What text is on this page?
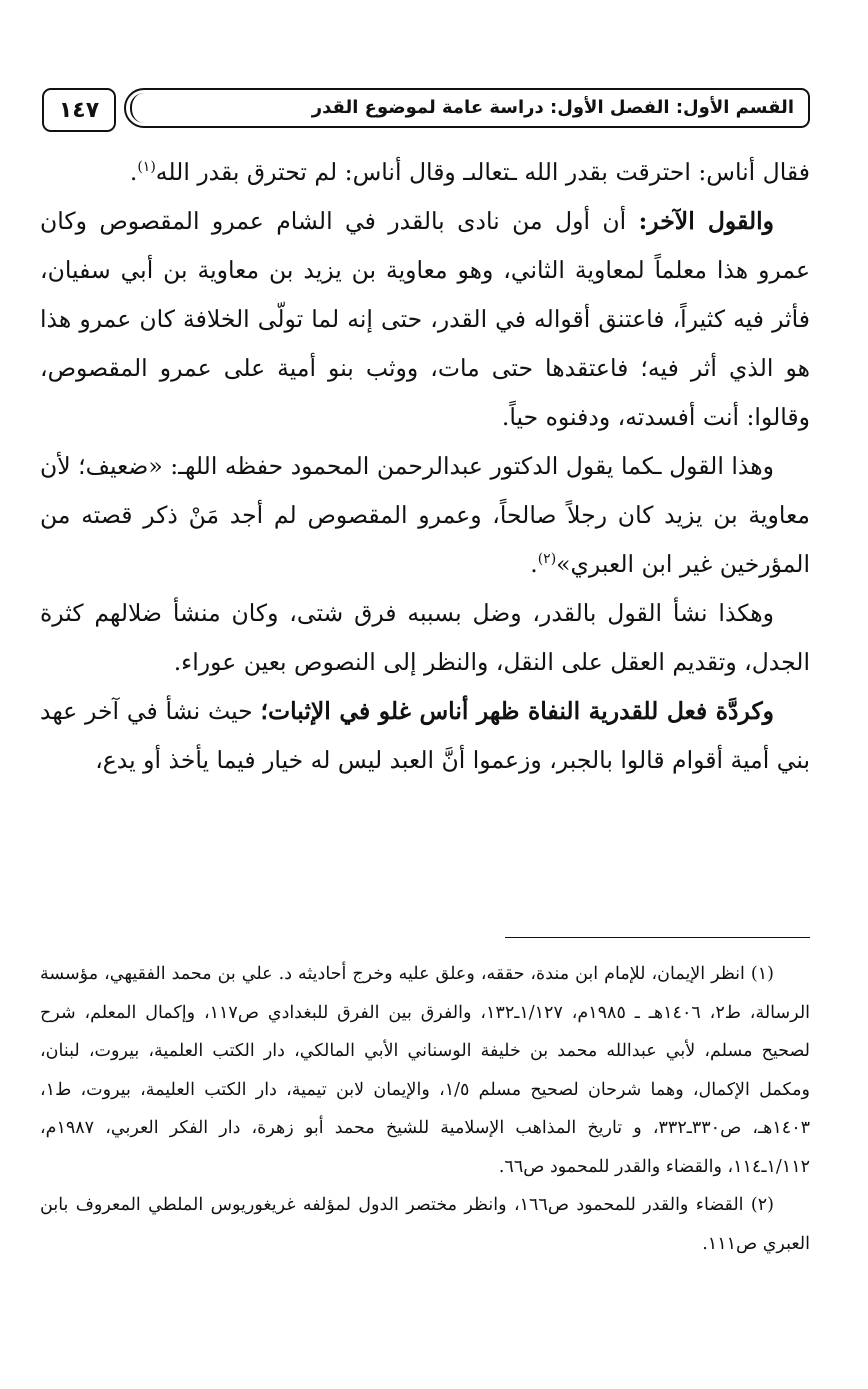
١٤٧	القسم الأول: الفصل الأول: دراسة عامة لموضوع القدر

فقال أناس: احترقت بقدر الله ـتعالىـ وقال أناس: لم تحترق بقدر الله$^{(١)}$.

والقول الآخر: أن أول من نادى بالقدر في الشام عمرو المقصوص وكان عمرو هذا معلماً لمعاوية الثاني، وهو معاوية بن يزيد بن معاوية بن أبي سفيان، فأثر فيه كثيراً، فاعتنق أقواله في القدر، حتى إنه لما تولّى الخلافة كان عمرو هذا هو الذي أثر فيه؛ فاعتقدها حتى مات، ووثب بنو أمية على عمرو المقصوص، وقالوا: أنت أفسدته، ودفنوه حياً.

وهذا القول ـكما يقول الدكتور عبدالرحمن المحمود حفظه اللهـ: «ضعيف؛ لأن معاوية بن يزيد كان رجلاً صالحاً، وعمرو المقصوص لم أجد مَنْ ذكر قصته من المؤرخين غير ابن العبري»$^{(٢)}$.

وهكذا نشأ القول بالقدر، وضل بسببه فرق شتى، وكان منشأ ضلالهم كثرة الجدل، وتقديم العقل على النقل، والنظر إلى النصوص بعين عوراء.

وكردَّة فعل للقدرية النفاة ظهر أناس غلو في الإثبات؛ حيث نشأ في آخر عهد بني أمية أقوام قالوا بالجبر، وزعموا أنَّ العبد ليس له خيار فيما يأخذ أو يدع،

(١) انظر الإيمان، للإمام ابن مندة، حققه، وعلق عليه وخرج أحاديثه د. علي بن محمد الفقيهي، مؤسسة الرسالة، ط٢، ١٤٠٦هـ ـ ١٩٨٥م، ١/١٢٧ـ١٣٢، والفرق بين الفرق للبغدادي ص١١٧، وإكمال المعلم، شرح لصحيح مسلم، لأبي عبدالله محمد بن خليفة الوسناني الأبي المالكي، دار الكتب العلمية، بيروت، لبنان، ومكمل الإكمال، وهما شرحان لصحيح مسلم ١/٥، والإيمان لابن تيمية، دار الكتب العليمة، بيروت، ط١، ١٤٠٣هـ، ص٣٣٠ـ٣٣٢، و تاريخ المذاهب الإسلامية للشيخ محمد أبو زهرة، دار الفكر العربي، ١٩٨٧م، ١/١١٢ـ١١٤، والقضاء والقدر للمحمود ص٦٦.

(٢) القضاء والقدر للمحمود ص١٦٦، وانظر مختصر الدول لمؤلفه غريغوريوس الملطي المعروف بابن العبري ص١١١.
